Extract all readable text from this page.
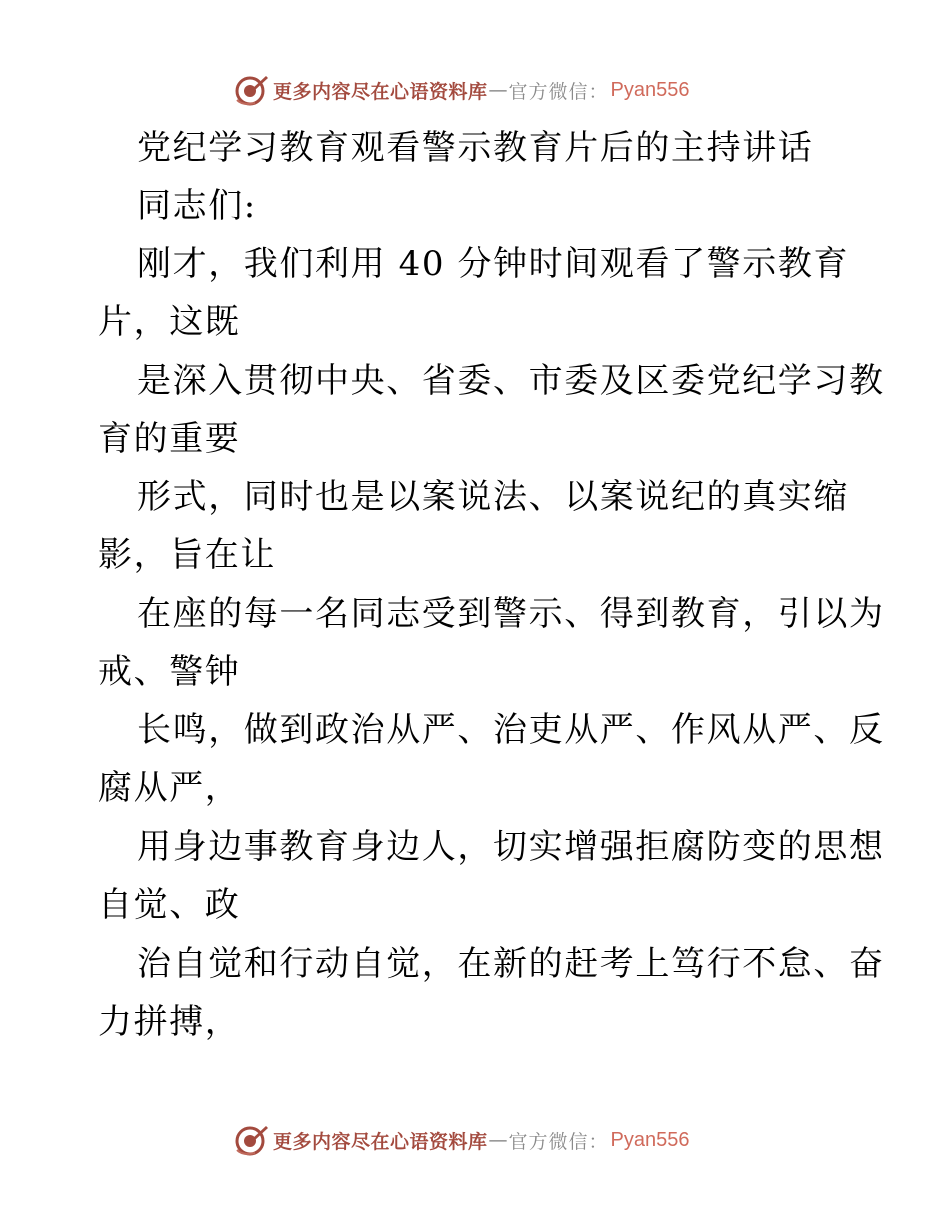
更多内容尽在心语资料库 — 官方微信： Pyan556
党纪学习教育观看警示教育片后的主持讲话
同志们:
刚才，我们利用 40 分钟时间观看了警示教育
片，这既
是深入贯彻中央、省委、市委及区委党纪学习教
育的重要
形式，同时也是以案说法、以案说纪的真实缩
影，旨在让
在座的每一名同志受到警示、得到教育，引以为
戒、警钟
长鸣，做到政治从严、治吏从严、作风从严、反
腐从严，
用身边事教育身边人，切实增强拒腐防变的思想
自觉、政
治自觉和行动自觉，在新的赶考上笃行不怠、奋
力拼搏，
更多内容尽在心语资料库 — 官方微信： Pyan556
